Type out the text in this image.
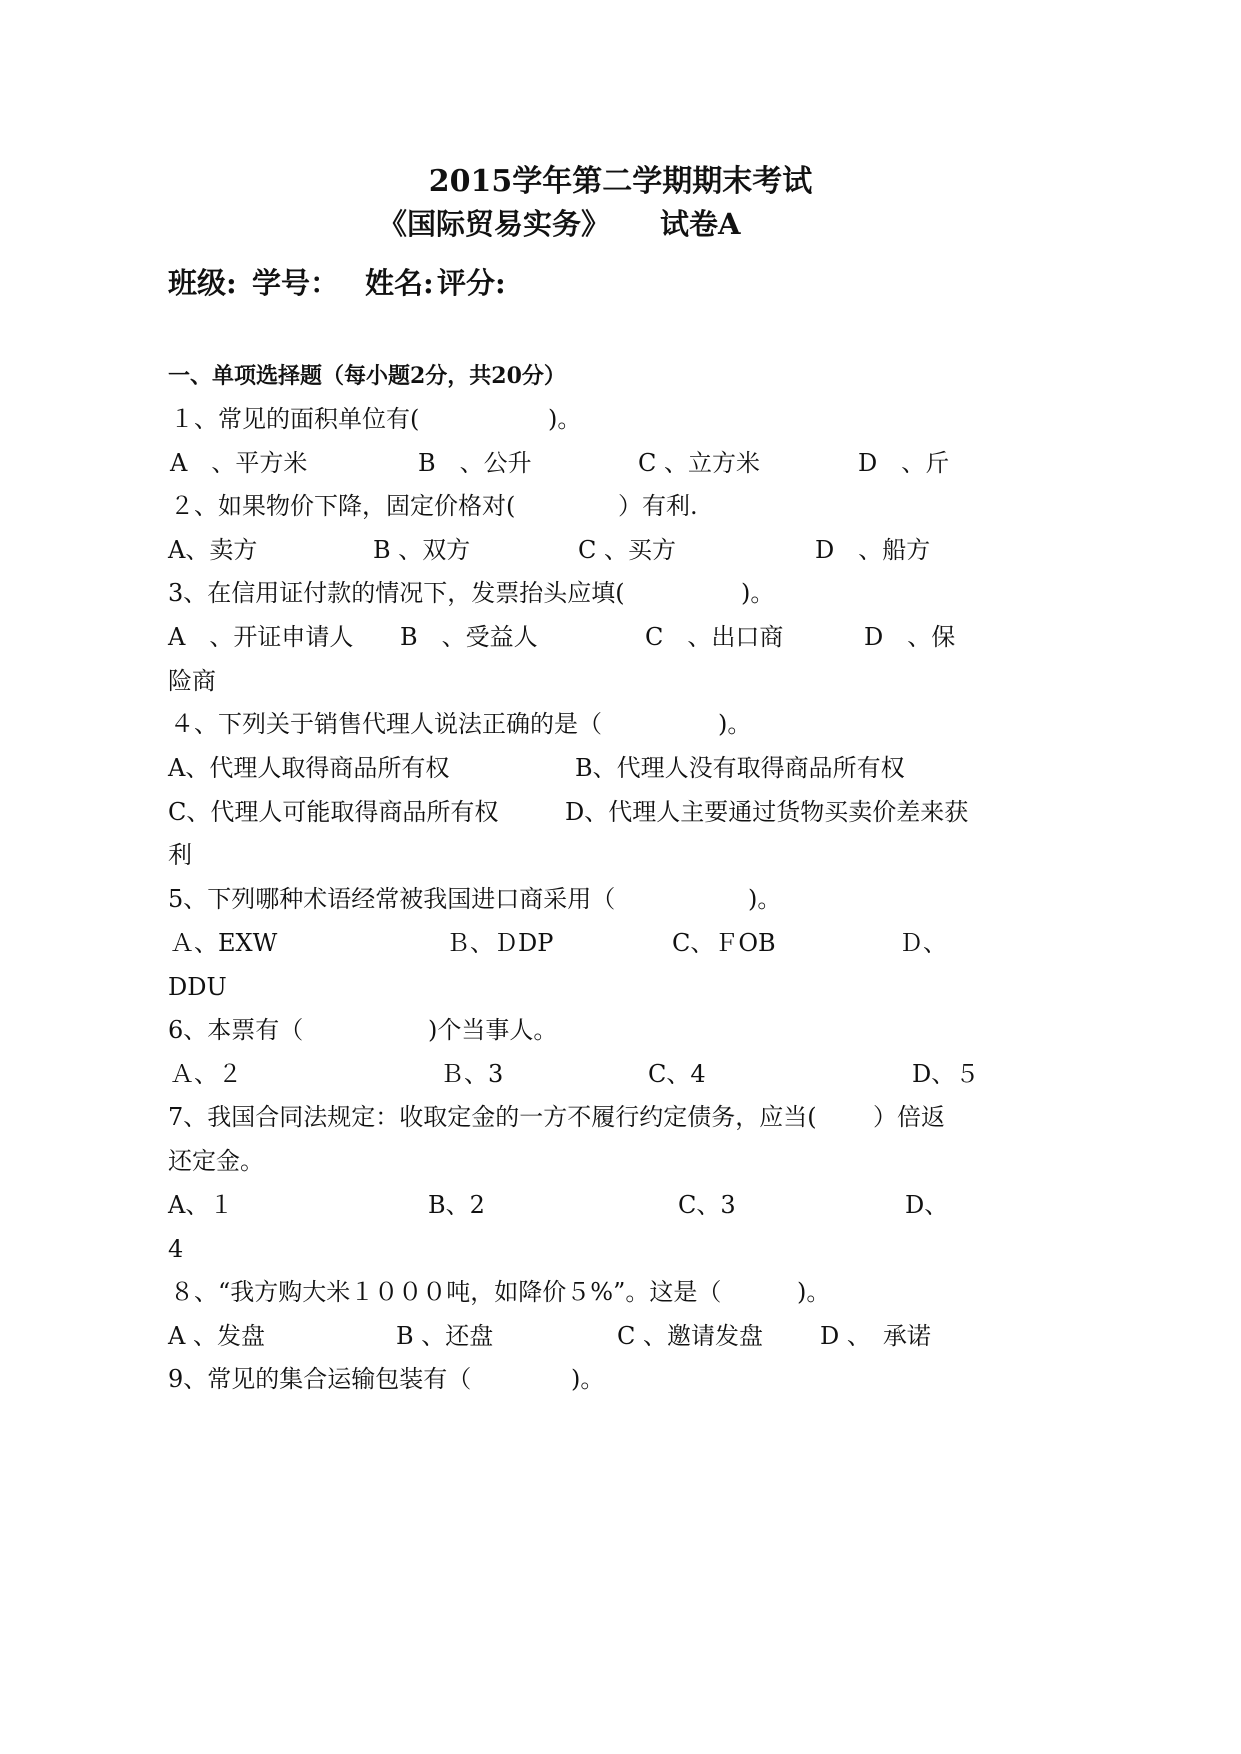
2015学年第二学期期末考试
《国际贸易实务》 试卷A
班级: 学号： 姓名: 评分:
一、单项选择题（每小题2分，共20分）
１、常见的面积单位有(	)。
A　、平方米	B　、公升	C 、立方米	D　、斤
２、如果物价下降，固定价格对(	）有利.
A、卖方	B 、双方	C 、买方	D　、船方
3、在信用证付款的情况下，发票抬头应填(	)。
A　、开证申请人 B　、受益人	C　、出口商	D　、保
险商
４、下列关于销售代理人说法正确的是（	)。
A、代理人取得商品所有权	B、代理人没有取得商品所有权
C、代理人可能取得商品所有权	D、代理人主要通过货物买卖价差来获
利
5、下列哪种术语经常被我国进口商采用（	)。
Ａ、EXW	Ｂ、ＤDP	C、ＦOB	Ｄ、
DDU
6、本票有（	)个当事人。
Ａ、２	Ｂ、3	C、4	D、５
7、我国合同法规定：收取定金的一方不履行约定债务，应当( ）倍返
还定金。
A、１	B、2	C、3	D、
4
８、“我方购大米１０００吨，如降价５%”。这是（	)。
A 、发盘	B 、还盘	C 、邀请发盘 D 、　承诺
9、常见的集合运输包装有（	)。
